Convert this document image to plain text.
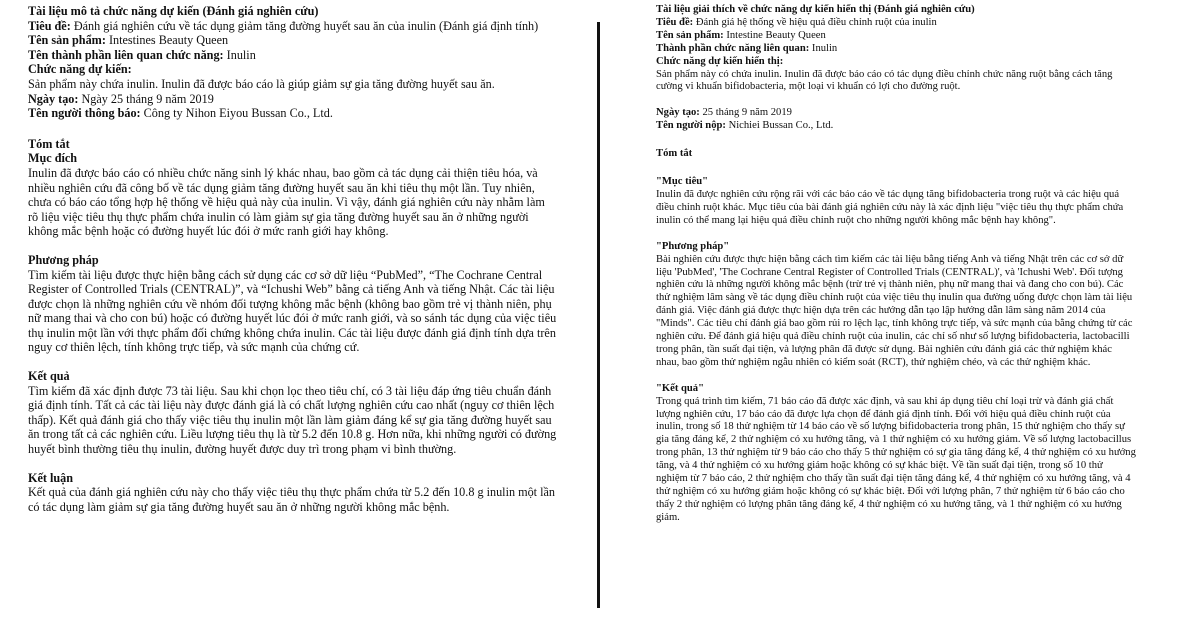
Tài liệu mô tả chức năng dự kiến (Đánh giá nghiên cứu)

Tiêu đề: Đánh giá nghiên cứu về tác dụng giảm tăng đường huyết sau ăn của inulin (Đánh giá định tính)

Tên sản phẩm: Intestines Beauty Queen

Tên thành phần liên quan chức năng: Inulin

Chức năng dự kiến:

Sản phẩm này chứa inulin. Inulin đã được báo cáo là giúp giảm sự gia tăng đường huyết sau ăn.

Ngày tạo: Ngày 25 tháng 9 năm 2019

Tên người thông báo: Công ty Nihon Eiyou Bussan Co., Ltd.

Tóm tắt

Mục đích

Inulin đã được báo cáo có nhiều chức năng sinh lý khác nhau, bao gồm cả tác dụng cải thiện tiêu hóa, và nhiều nghiên cứu đã công bố về tác dụng giảm tăng đường huyết sau ăn khi tiêu thụ một lần. Tuy nhiên, chưa có báo cáo tổng hợp hệ thống về hiệu quả này của inulin. Vì vậy, đánh giá nghiên cứu này nhằm làm rõ liệu việc tiêu thụ thực phẩm chứa inulin có làm giảm sự gia tăng đường huyết sau ăn ở những người không mắc bệnh hoặc có đường huyết lúc đói ở mức ranh giới hay không.

Phương pháp

Tìm kiếm tài liệu được thực hiện bằng cách sử dụng các cơ sở dữ liệu “PubMed”, “The Cochrane Central Register of Controlled Trials (CENTRAL)”, và “Ichushi Web” bằng cả tiếng Anh và tiếng Nhật. Các tài liệu được chọn là những nghiên cứu về nhóm đối tượng không mắc bệnh (không bao gồm trẻ vị thành niên, phụ nữ mang thai và cho con bú) hoặc có đường huyết lúc đói ở mức ranh giới, và so sánh tác dụng của việc tiêu thụ inulin một lần với thực phẩm đối chứng không chứa inulin. Các tài liệu được đánh giá định tính dựa trên nguy cơ thiên lệch, tính không trực tiếp, và sức mạnh của chứng cứ.

Kết quả

Tìm kiếm đã xác định được 73 tài liệu. Sau khi chọn lọc theo tiêu chí, có 3 tài liệu đáp ứng tiêu chuẩn đánh giá định tính. Tất cả các tài liệu này được đánh giá là có chất lượng nghiên cứu cao nhất (nguy cơ thiên lệch thấp). Kết quả đánh giá cho thấy việc tiêu thụ inulin một lần làm giảm đáng kể sự gia tăng đường huyết sau ăn trong tất cả các nghiên cứu. Liều lượng tiêu thụ là từ 5.2 đến 10.8 g. Hơn nữa, khi những người có đường huyết bình thường tiêu thụ inulin, đường huyết được duy trì trong phạm vi bình thường.

Kết luận

Kết quả của đánh giá nghiên cứu này cho thấy việc tiêu thụ thực phẩm chứa từ 5.2 đến 10.8 g inulin một lần có tác dụng làm giảm sự gia tăng đường huyết sau ăn ở những người không mắc bệnh.

Tài liệu giải thích về chức năng dự kiến hiển thị (Đánh giá nghiên cứu)

Tiêu đề: Đánh giá hệ thống về hiệu quả điều chỉnh ruột của inulin

Tên sản phẩm: Intestine Beauty Queen

Thành phần chức năng liên quan: Inulin

Chức năng dự kiến hiển thị:

Sản phẩm này có chứa inulin. Inulin đã được báo cáo có tác dụng điều chỉnh chức năng ruột bằng cách tăng cường vi khuẩn bifidobacteria, một loại vi khuẩn có lợi cho đường ruột.

Ngày tạo: 25 tháng 9 năm 2019

Tên người nộp: Nichiei Bussan Co., Ltd.

Tóm tắt

"Mục tiêu"

Inulin đã được nghiên cứu rộng rãi với các báo cáo về tác dụng tăng bifidobacteria trong ruột và các hiệu quả điều chỉnh ruột khác. Mục tiêu của bài đánh giá nghiên cứu này là xác định liệu "việc tiêu thụ thực phẩm chứa inulin có thể mang lại hiệu quả điều chỉnh ruột cho những người không mắc bệnh hay không".

"Phương pháp"

Bài nghiên cứu được thực hiện bằng cách tìm kiếm các tài liệu bằng tiếng Anh và tiếng Nhật trên các cơ sở dữ liệu 'PubMed', 'The Cochrane Central Register of Controlled Trials (CENTRAL)', và 'Ichushi Web'. Đối tượng nghiên cứu là những người không mắc bệnh (trừ trẻ vị thành niên, phụ nữ mang thai và đang cho con bú). Các thử nghiệm lâm sàng về tác dụng điều chỉnh ruột của việc tiêu thụ inulin qua đường uống được chọn làm tài liệu đánh giá. Việc đánh giá được thực hiện dựa trên các hướng dẫn tạo lập hướng dẫn lâm sàng năm 2014 của "Minds". Các tiêu chí đánh giá bao gồm rủi ro lệch lạc, tính không trực tiếp, và sức mạnh của bằng chứng từ các nghiên cứu. Để đánh giá hiệu quả điều chỉnh ruột của inulin, các chỉ số như số lượng bifidobacteria, lactobacilli trong phân, tần suất đại tiện, và lượng phân đã được sử dụng. Bài nghiên cứu đánh giá các thử nghiệm khác nhau, bao gồm thử nghiệm ngẫu nhiên có kiểm soát (RCT), thử nghiệm chéo, và các thử nghiệm khác.

"Kết quả"

Trong quá trình tìm kiếm, 71 báo cáo đã được xác định, và sau khi áp dụng tiêu chí loại trừ và đánh giá chất lượng nghiên cứu, 17 báo cáo đã được lựa chọn để đánh giá định tính. Đối với hiệu quả điều chỉnh ruột của inulin, trong số 18 thử nghiệm từ 14 báo cáo về số lượng bifidobacteria trong phân, 15 thử nghiệm cho thấy sự gia tăng đáng kể, 2 thử nghiệm có xu hướng tăng, và 1 thử nghiệm có xu hướng giảm. Về số lượng lactobacillus trong phân, 13 thử nghiệm từ 9 báo cáo cho thấy 5 thử nghiệm có sự gia tăng đáng kể, 4 thử nghiệm có xu hướng tăng, và 4 thử nghiệm có xu hướng giảm hoặc không có sự khác biệt. Về tần suất đại tiện, trong số 10 thử nghiệm từ 7 báo cáo, 2 thử nghiệm cho thấy tần suất đại tiện tăng đáng kể, 4 thử nghiệm có xu hướng tăng, và 4 thử nghiệm có xu hướng giảm hoặc không có sự khác biệt. Đối với lượng phân, 7 thử nghiệm từ 6 báo cáo cho thấy 2 thử nghiệm có lượng phân tăng đáng kể, 4 thử nghiệm có xu hướng tăng, và 1 thử nghiệm có xu hướng giảm.
